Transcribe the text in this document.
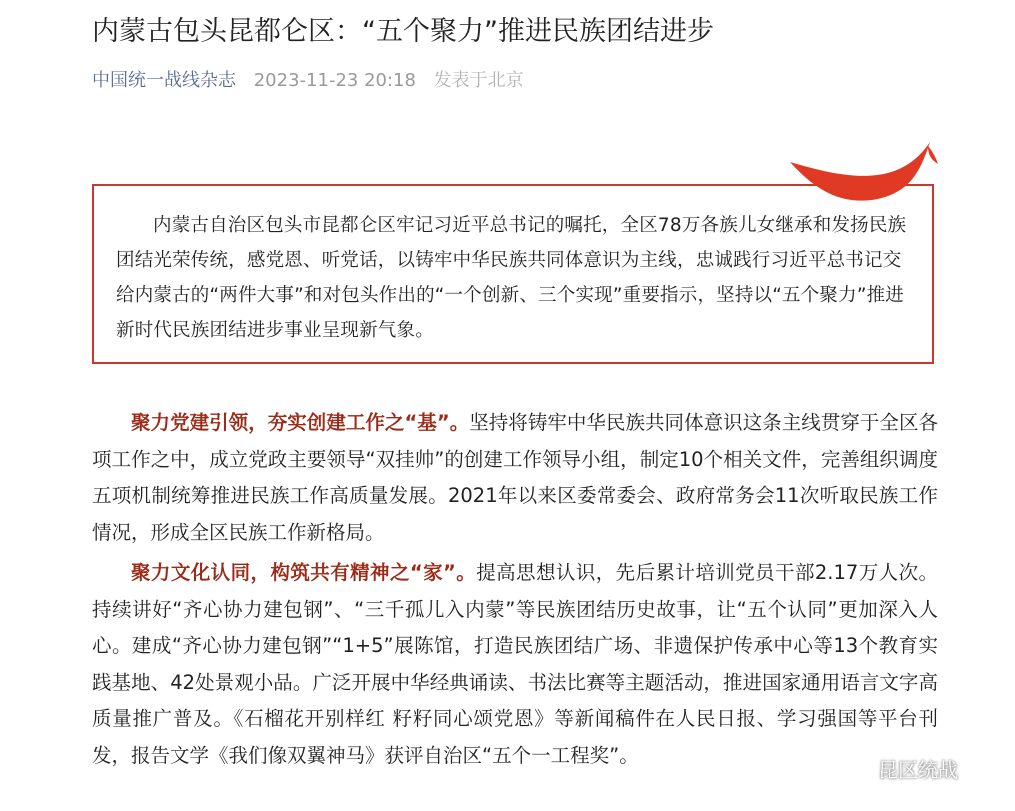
内蒙古包头昆都仑区：“五个聚力”推进民族团结进步
中国统一战线杂志 2023-11-23 20:18 发表于北京
内蒙古自治区包头市昆都仑区牢记习近平总书记的嘱托，全区78万各族儿女继承和发扬民族团结光荣传统，感党恩、听党话，以铸牢中华民族共同体意识为主线，忠诚践行习近平总书记交给内蒙古的“两件大事”和对包头作出的“一个创新、三个实现”重要指示，坚持以“五个聚力”推进新时代民族团结进步事业呈现新气象。
聚力党建引领，夯实创建工作之“基”。坚持将铸牢中华民族共同体意识这条主线贯穿于全区各项工作之中，成立党政主要领导“双挂帅”的创建工作领导小组，制定10个相关文件，完善组织调度五项机制统筹推进民族工作高质量发展。2021年以来区委常委会、政府常务会11次听取民族工作情况，形成全区民族工作新格局。
聚力文化认同，构筑共有精神之“家”。提高思想认识，先后累计培训党员干部2.17万人次。持续讲好“齐心协力建包钢”、“三千孤儿入内蒙”等民族团结历史故事，让“五个认同”更加深入人心。建成“齐心协力建包钢”“1+5”展陈馆，打造民族团结广场、非遗保护传承中心等13个教育实践基地、42处景观小品。广泛开展中华经典诵读、书法比赛等主题活动，推进国家通用语言文字高质量推广普及。《石榴花开别样红 籽籽同心颂党恩》等新闻稿件在人民日报、学习强国等平台刊发，报告文学《我们像双翼神马》获评自治区“五个一工程奖”。
昆区统战
